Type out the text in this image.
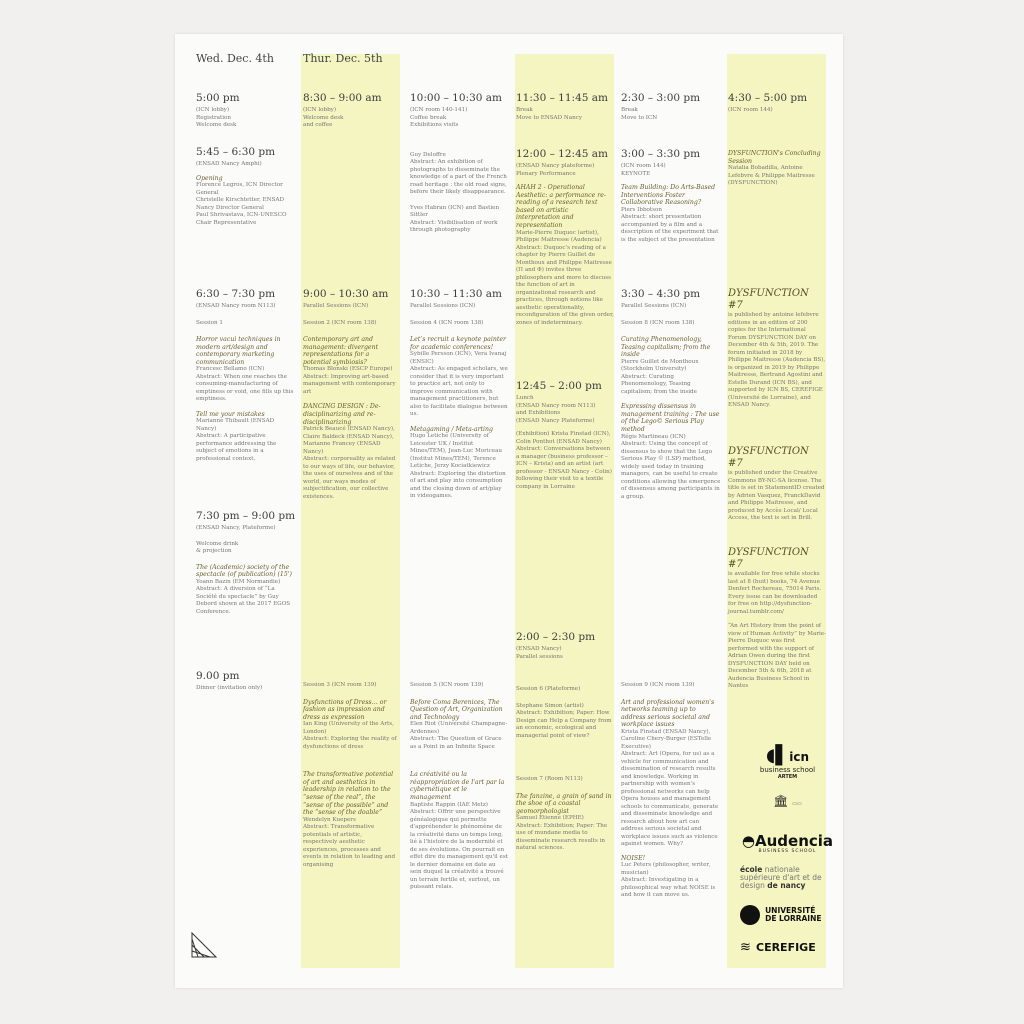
Wed. Dec. 4th	Thur. Dec. 5th
5:00 pm
(ICN lobby)
Registration
Welcome desk
5:45 – 6:30 pm
(ENSAD Nancy Amphi)
Opening
Florence Legros, ICN Director General
Christelle Kirschtetter, ENSAD Nancy Director General
Paul Shrivastava, ICN-UNESCO Chair Representative
6:30 – 7:30 pm
(ENSAD Nancy room N113)
Session 1
Horror vacui techniques in modern art/design and contemporary marketing communication
Francesc Bellamo (ICN)
Abstract: When one reaches the consuming-manufacturing of emptiness or void, one fills up this emptiness.
Tell me your mistakes
Marianne Thibault (ENSAD Nancy)
Abstract: A participative performance addressing the subject of emotions in a professional context.
7:30 pm – 9:00 pm
(ENSAD Nancy, Plateforme)
Welcome drink
& projection
The (Academic) society of the spectacle (of publication) (15')
Yoann Bazin (EM Normandie)
Abstract: A diversion of “La Société du spectacle” by Guy Debord shown at the 2017 EGOS Conference.
9.00 pm
Dinner (invitation only)
8:30 – 9:00 am
(ICN lobby)
Welcome desk
and coffee
9:00 – 10:30 am
Parallel Sessions (ICN)
Session 2 (ICN room 138)
Contemporary art and management: divergent representations for a potential symbiosis?
Thomas Blonski (ESCP Europe)
Abstract: Improving art-based management with contemporary art
DANCING DESIGN : De-disciplinarizing and re-disciplinarizing
Patrick Beaucé (ENSAD Nancy),
Claire Baldeck (ENSAD Nancy),
Marianne Francey (ENSAD Nancy)
Abstract: corporeality as related to our ways of life, our behavior, the uses of ourselves and of the world, our ways modes of subjectification, our collective existences.
Session 3 (ICN room 139)
Dysfunctions of Dress… or fashion as impression and dress as expression
Ian King (University of the Arts, London)
Abstract: Exploring the reality of dysfunctions of dress
The transformative potential of art and aesthetics in leadership in relation to the “sense of the real”, the “sense of the possible” and the “sense of the doable”
Wendelyn Kuepers
Abstract: Transformative potentials of artistic, respectively aesthetic experiences, processes and events in relation to leading and organising
10:00 – 10:30 am
(ICN room 140-141)
Coffee break
Exhibitions visits
Guy Deloffre
Abstract: An exhibition of photographs to disseminate the knowledge of a part of the French road heritage : the old road signs, before their likely disappearance.
Yves Habran (ICN) and Bastien Sittler
Abstract: Visibilisation of work through photography
10:30 – 11:30 am
Parallel Sessions (ICN)
Session 4 (ICN room 138)
Let’s recruit a keynote painter for academic conferences!
Sybille Persson (ICN), Vera Ivanaj (ENSIC)
Abstract: As engaged scholars, we consider that it is very important to practice art, not only to improve communication with management practitioners, but also to facilitate dialogue between us.
Metagaming / Meta-arting
Hugo Letiche (University of Leicester UK / Institut Mines/TEM), Jean-Luc Moriceau (Institut Mines/TEM), Terence Letiche, Jerzy Kociatkiewicz
Abstract: Exploring the distortion of art and play into consumption and the closing down of art/play in videogames.
Session 5 (ICN room 139)
Before Coma Berenices, The Question of Art, Organization and Technology
Elen Riot (Université Champagne-Ardennes)
Abstract: The Question of Grace as a Point in an Infinite Space
La créativité ou la réappropriation de l'art par la cybernétique et le management
Baptiste Rappin (IAE Metz)
Abstract: Offrir une perspective généalogique qui permette d'appréhender le phénomène de la créativité dans un temps long, lié à l'histoire de la modernité et de ses évolutions. On pourrait en effet dire du management qu'il est le dernier domaine en date au sein duquel la créativité a trouvé un terrain fertile et, surtout, un puissant relais.
11:30 – 11:45 am
Break
Move to ENSAD Nancy
12:00 – 12:45 am
(ENSAD Nancy plateforme)
Plenary Performance
AHAH 2 - Operational Aesthetic: a performance re-reading of a research text based on artistic interpretation and representation
Marie-Pierre Duquoc (artist), Philippe Maitresse (Audencia)
Abstract: Duquoc's reading of a chapter by Pierre Guillet de Monthoux and Philippe Maitresse (Π and Φ) invites three philosophers and more to discuss the function of art in organizational research and practices, through notions like aesthetic operationality, reconfiguration of the given order, zones of indeterminacy.
12:45 – 2:00 pm
Lunch
(ENSAD Nancy room N113)
and Exhibitions
(ENSAD Nancy Plateforme)
(Exhibition) Krista Finstad (ICN), Colin Ponthot (ENSAD Nancy)
Abstract: Conversations between a manager (business professor – ICN – Krista) and an artist (art professor - ENSAD Nancy - Colin) following their visit to a textile company in Lorraine
2:00 – 2:30 pm
(ENSAD Nancy)
Parallel sessions
Session 6 (Plateforme)
Stephane Simon (artist)
Abstract: Exhibition; Paper: How Design can Help a Company from an economic, ecological and managerial point of view?
Session 7 (Room N113)
The fanzine, a grain of sand in the shoe of a coastal geomorphologist
Samuel Etienne (EPHE)
Abstract: Exhibition; Paper: The use of mundane media to disseminate research results in natural sciences.
2:30 – 3:00 pm
Break
Move to ICN
3:00 – 3:30 pm
(ICN room 144)
KEYNOTE
Team Building: Do Arts-Based Interventions Foster Collaborative Reasoning?
Piers Ibbotson
Abstract: short presentation accompanied by a film and a description of the experiment that is the subject of the presentation
3:30 – 4:30 pm
Parallel Sessions (ICN)
Session 8 (ICN room 138)
Curating Phenomenology, Teasing capitalism; from the inside
Pierre Guillet de Monthoux (Stockholm University)
Abstract: Curating Phenomenology, Teasing capitalism; from the inside
Expressing dissensus in management training : The use of the Lego© Serious Play method
Régis Martineau (ICN)
Abstract: Using the concept of dissensus to show that the Lego Serious Play © (LSP) method, widely used today in training managers, can be useful to create conditions allowing the emergence of dissensus among participants in a group.
Session 9 (ICN room 139)
Art and professional women's networks teaming up to address serious societal and workplace issues
Krista Finstad (ENSAD Nancy), Caroline Chery-Burger (ESTelle Executive)
Abstract: Art (Opera, for us) as a vehicle for communication and dissemination of research results and knowledge. Working in partnership with women's professional networks can help Opera houses and management schools to communicate, generate and disseminate knowledge and research about how art can address serious societal and workplace issues such as violence against women. Why?
NOISE!
Luc Peters (philosopher, writer, musician)
Abstract: Investigating in a philosophical way what NOISE is and how it can move us.
4:30 – 5:00 pm
(ICN room 144)
DYSFUNCTION's Concluding Session
Natalia Bobadilla, Antoine Lefebvre & Philippe Maitresse (DYSFUNCTION)
DYSFUNCTION #7
is published by antoine lefebvre editions in an edition of 200 copies for the International Forum DYSFUNCTION DAY on December 4th & 5th, 2019. The forum initiated in 2018 by Philippe Maitresse (Audencia BS), is organized in 2019 by Philippe Maitresse, Bertrand Agostini and Estelle Durand (ICN BS), and supported by ICN BS, CEREFIGE (Université de Lorraine), and ENSAD Nancy.
DYSFUNCTION #7
is published under the Creative Commons BY-NC-SA license. The title is set in StatementID created by Adrien Vasquez, FranckDavid and Philippe Maitresse, and produced by Accès Local/ Local Access, the text is set in Brill.
DYSFUNCTION #7
is available for free while stocks last at 8 (huit) books, 74 Avenue Denfert Rochereau, 75014 Paris.
Every issue can be downloaded for free on http://dysfunction-journal.tumblr.com/
“An Art History from the point of view of Human Activity” by Marie-Pierre Duquoc was first performed with the support of Adrian Owen during the first DYSFUNCTION DAY held on December 5th & 6th, 2018 at Audencia Business School in Nantes
◖▌icn
business school
ARTEM
🏛 ▭▭
◓Audencia
BUSINESS SCHOOL
école nationale
supérieure d'art et de
design de nancy
UNIVERSITÉ
DE LORRAINE
≋ CEREFIGE
